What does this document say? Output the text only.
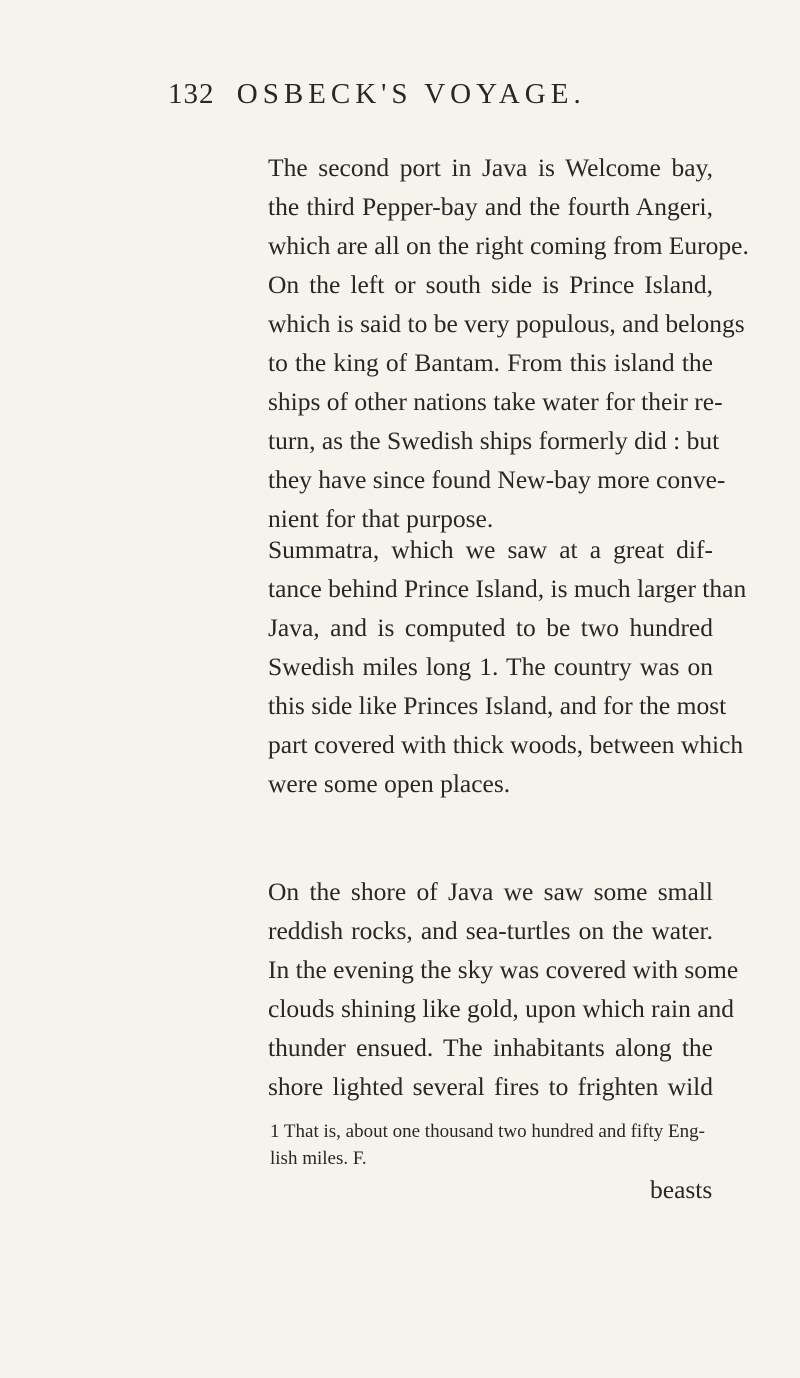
132 OSBECK'S VOYAGE.
The second port in Java is Welcome bay,
the third Pepper-bay and the fourth Angeri,
which are all on the right coming from Europe.
On the left or south side is Prince Island,
which is said to be very populous, and belongs
to the king of Bantam. From this island the
ships of other nations take water for their re-
turn, as the Swedish ships formerly did : but
they have since found New-bay more conve-
nient for that purpose.
Summatra, which we saw at a great dif-
tance behind Prince Island, is much larger than
Java, and is computed to be two hundred
Swedish miles long 1. The country was on
this side like Princes Island, and for the most
part covered with thick woods, between which
were some open places.
On the shore of Java we saw some small
reddish rocks, and sea-turtles on the water.
In the evening the sky was covered with some
clouds shining like gold, upon which rain and
thunder ensued. The inhabitants along the
shore lighted several fires to frighten wild
1 That is, about one thousand two hundred and fifty Eng-
lish miles. F.
beasts
